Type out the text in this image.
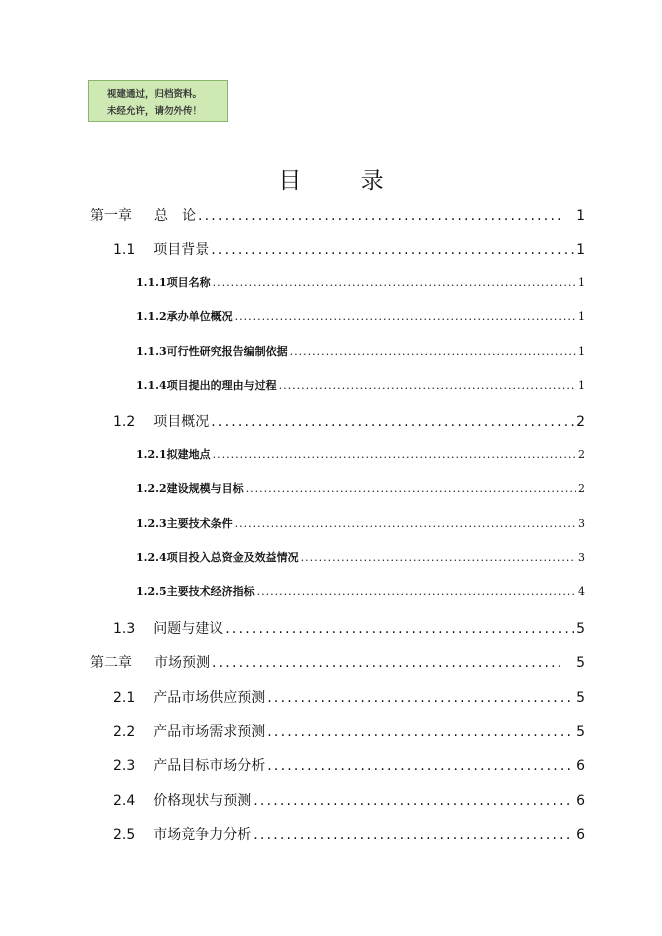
视建通过，归档资料。
未经允许，请勿外传！
目 录
第一章 总　论 .....	1
1.1 项目背景 .....	1
1.1.1项目名称 .....	1
1.1.2承办单位概况 .....	1
1.1.3可行性研究报告编制依据 .....	1
1.1.4项目提出的理由与过程 .....	1
1.2 项目概况 .....	2
1.2.1拟建地点 .....	2
1.2.2建设规模与目标 .....	2
1.2.3主要技术条件 .....	3
1.2.4项目投入总资金及效益情况 .....	3
1.2.5主要技术经济指标 .....	4
1.3 问题与建议 .....	5
第二章 市场预测 .....	5
2.1 产品市场供应预测 .....	5
2.2 产品市场需求预测 .....	5
2.3 产品目标市场分析 .....	6
2.4 价格现状与预测 .....	6
2.5 市场竞争力分析 .....	6
